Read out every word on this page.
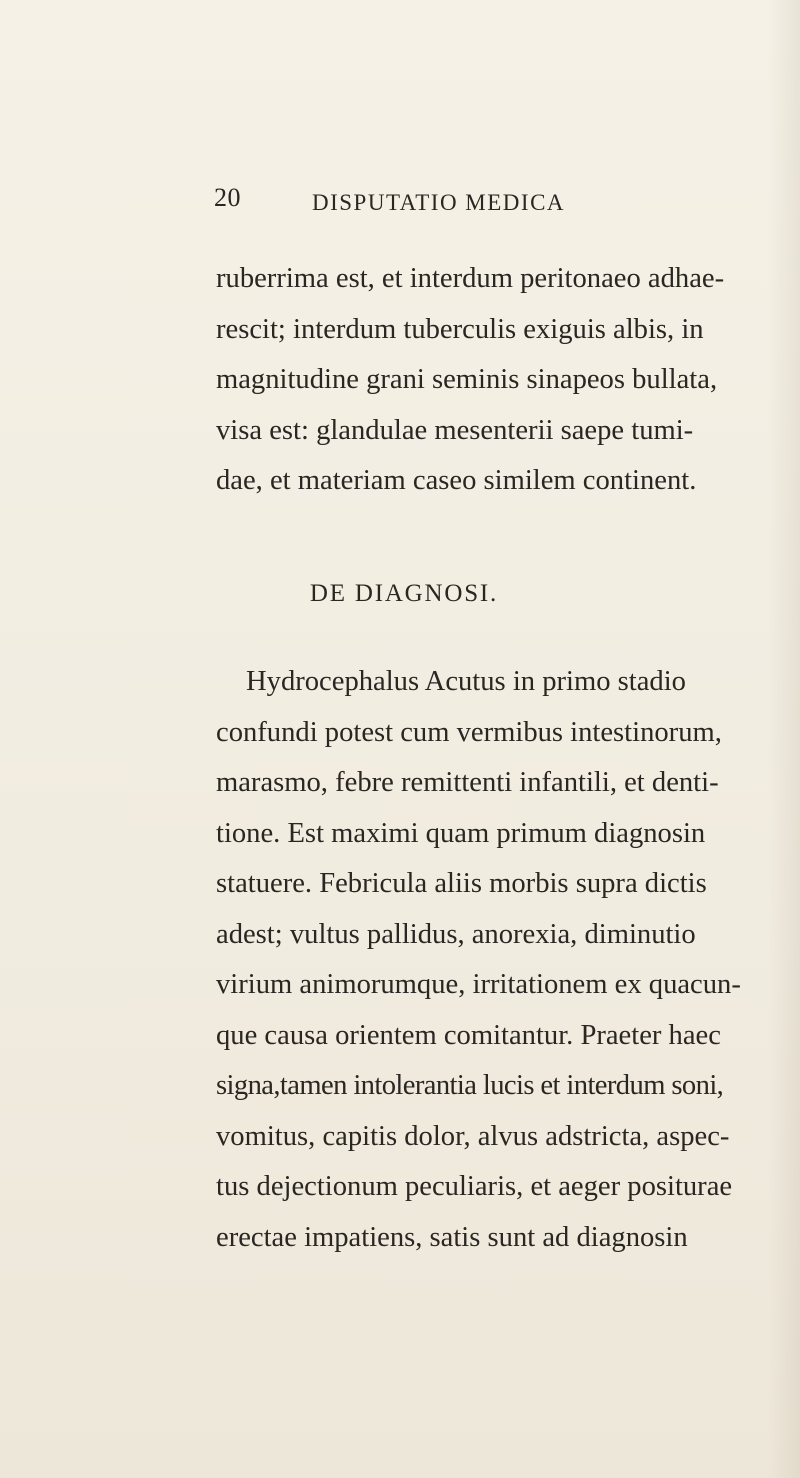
20	DISPUTATIO MEDICA

ruberrima est, et interdum peritonaeo adhae-
rescit; interdum tuberculis exiguis albis, in
magnitudine grani seminis sinapeos bullata,
visa est: glandulae mesenterii saepe tumi-
dae, et materiam caseo similem continent.

DE DIAGNOSI.

Hydrocephalus Acutus in primo stadio
confundi potest cum vermibus intestinorum,
marasmo, febre remittenti infantili, et denti-
tione. Est maximi quam primum diagnosin
statuere. Febricula aliis morbis supra dictis
adest; vultus pallidus, anorexia, diminutio
virium animorumque, irritationem ex quacun-
que causa orientem comitantur. Praeter haec
signa,tamen intolerantia lucis et interdum soni,
vomitus, capitis dolor, alvus adstricta, aspec-
tus dejectionum peculiaris, et aeger positurae
erectae impatiens, satis sunt ad diagnosin
